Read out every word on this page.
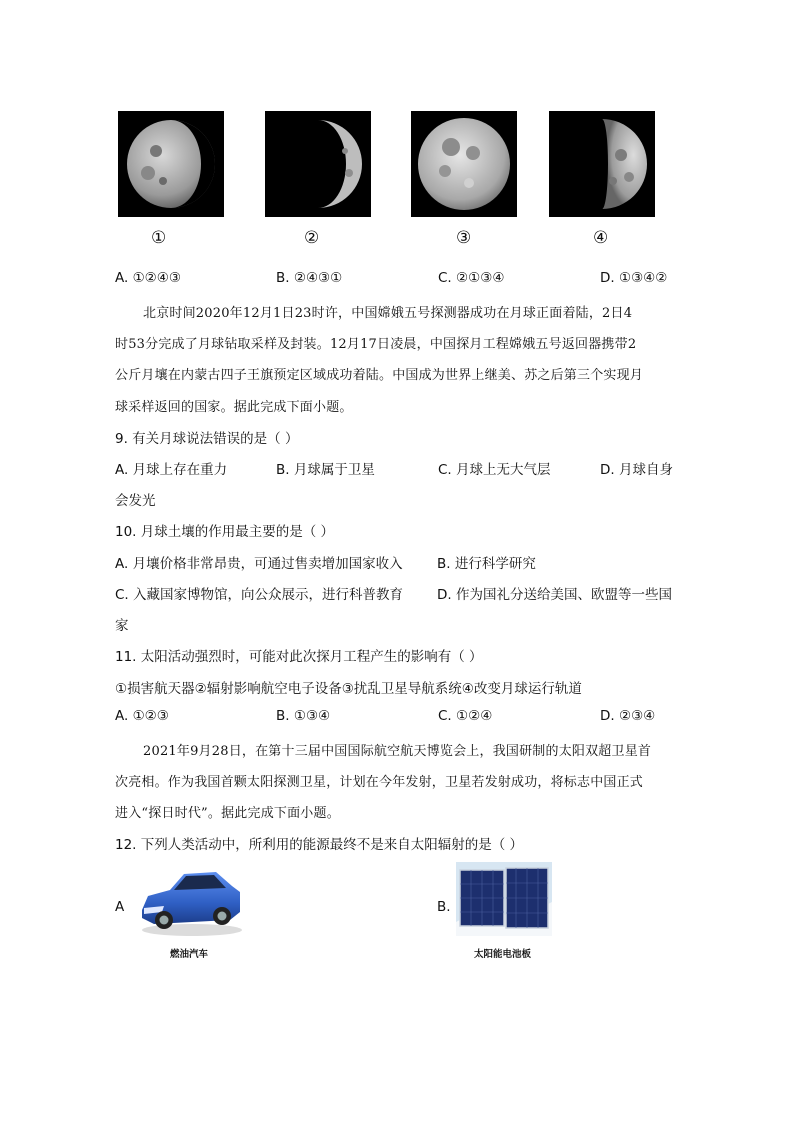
①	②	③	④
A. ①②④③	B. ②④③①	C. ②①③④	D. ①③④②
北京时间2020年12月1日23时许，中国嫦娥五号探测器成功在月球正面着陆，2日4
时53分完成了月球钻取采样及封装。12月17日凌晨，中国探月工程嫦娥五号返回器携带2
公斤月壤在内蒙古四子王旗预定区域成功着陆。中国成为世界上继美、苏之后第三个实现月
球采样返回的国家。据此完成下面小题。
9. 有关月球说法错误的是（ ）
A. 月球上存在重力	B. 月球属于卫星	C. 月球上无大气层	D. 月球自身
会发光
10. 月球土壤的作用最主要的是（ ）
A. 月壤价格非常昂贵，可通过售卖增加国家收入	B. 进行科学研究
C. 入藏国家博物馆，向公众展示，进行科普教育	D. 作为国礼分送给美国、欧盟等一些国
家
11. 太阳活动强烈时，可能对此次探月工程产生的影响有（ ）
①损害航天器②辐射影响航空电子设备③扰乱卫星导航系统④改变月球运行轨道
A. ①②③	B. ①③④	C. ①②④	D. ②③④
2021年9月28日，在第十三届中国国际航空航天博览会上，我国研制的太阳双超卫星首
次亮相。作为我国首颗太阳探测卫星，计划在今年发射，卫星若发射成功，将标志中国正式
进入“探日时代”。据此完成下面小题。
12. 下列人类活动中，所利用的能源最终不是来自太阳辐射的是（ ）
A
燃油汽车
B.
太阳能电池板
